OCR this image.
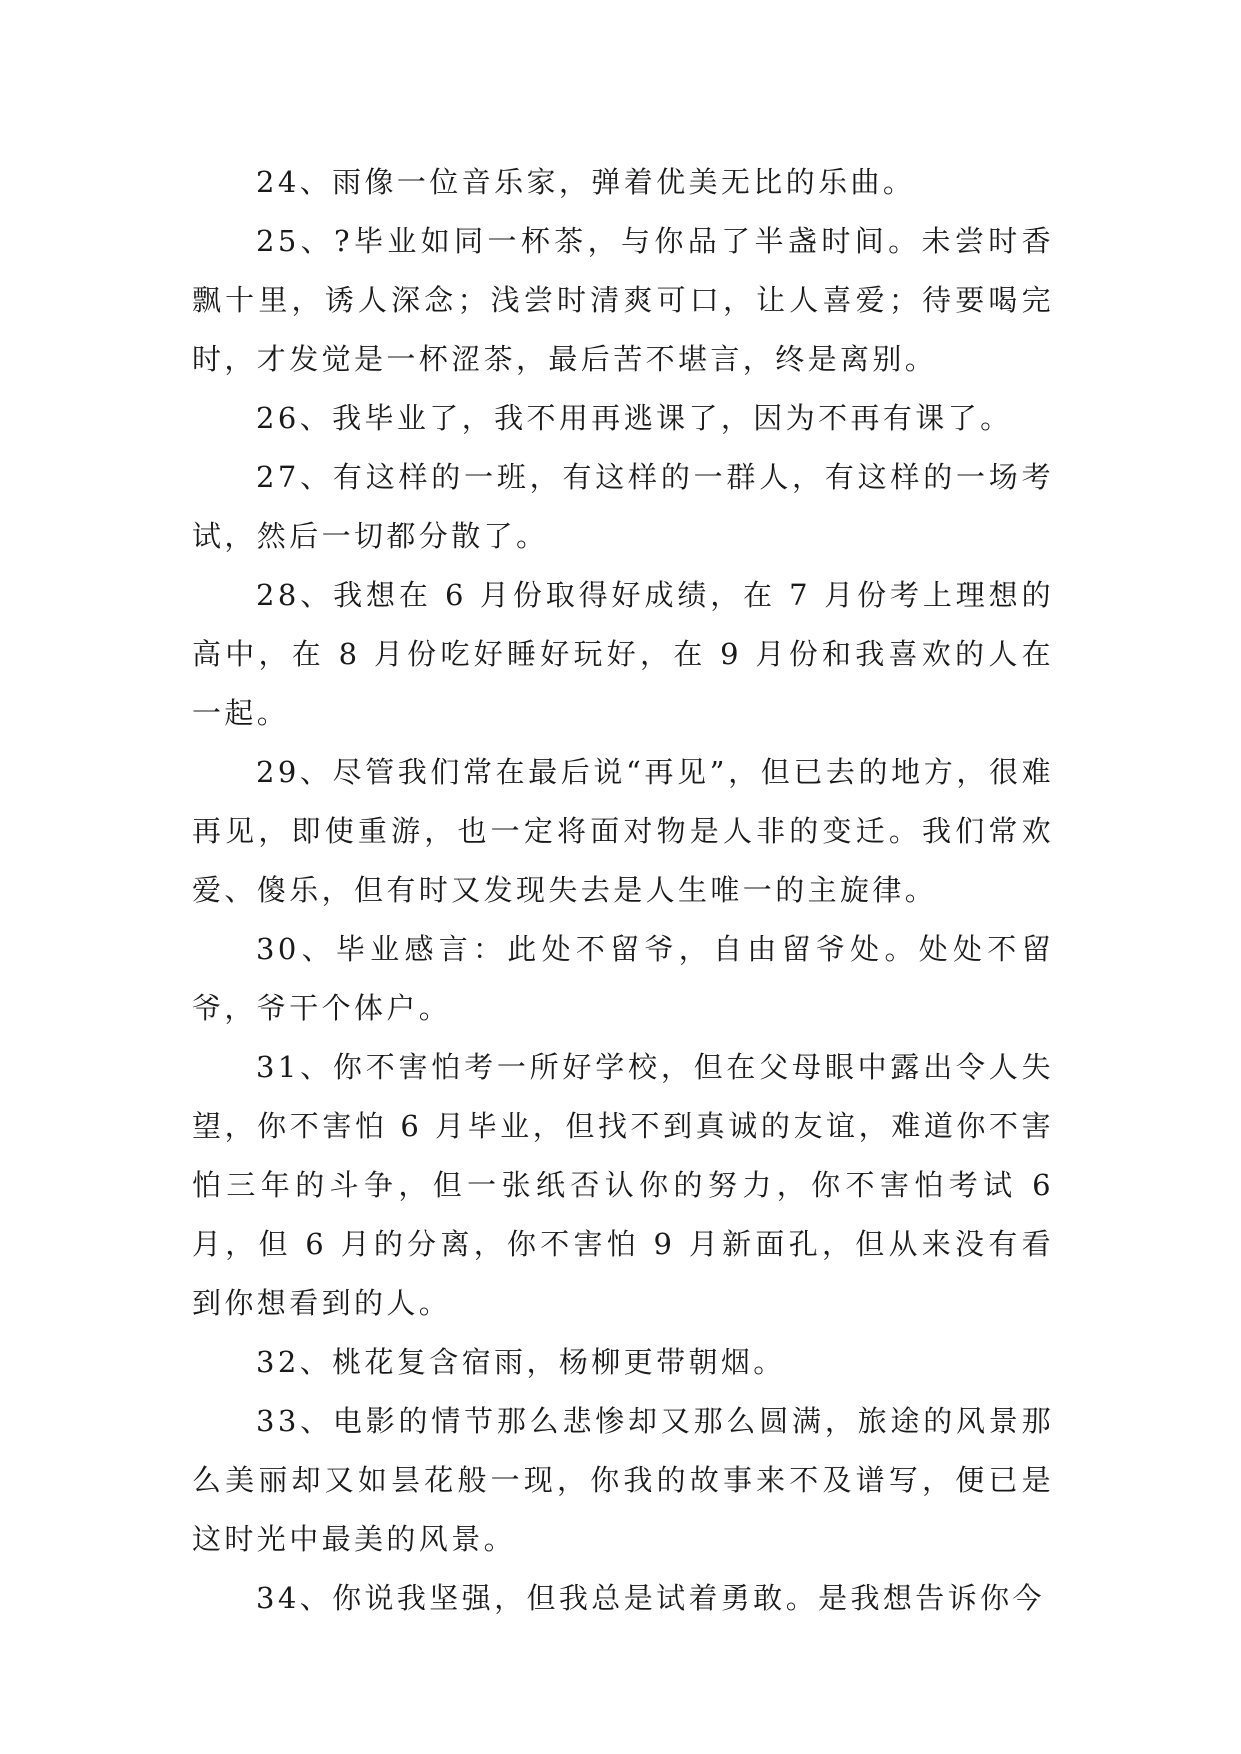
24、雨像一位音乐家，弹着优美无比的乐曲。

25、?毕业如同一杯茶，与你品了半盏时间。未尝时香飘十里，诱人深念；浅尝时清爽可口，让人喜爱；待要喝完时，才发觉是一杯涩茶，最后苦不堪言，终是离别。

26、我毕业了，我不用再逃课了，因为不再有课了。

27、有这样的一班，有这样的一群人，有这样的一场考试，然后一切都分散了。

28、我想在 6 月份取得好成绩，在 7 月份考上理想的高中，在 8 月份吃好睡好玩好，在 9 月份和我喜欢的人在一起。

29、尽管我们常在最后说“再见”，但已去的地方，很难再见，即使重游，也一定将面对物是人非的变迁。我们常欢爱、傻乐，但有时又发现失去是人生唯一的主旋律。

30、毕业感言：此处不留爷，自由留爷处。处处不留爷，爷干个体户。

31、你不害怕考一所好学校，但在父母眼中露出令人失望，你不害怕 6 月毕业，但找不到真诚的友谊，难道你不害怕三年的斗争，但一张纸否认你的努力，你不害怕考试 6 月，但 6 月的分离，你不害怕 9 月新面孔，但从来没有看到你想看到的人。

32、桃花复含宿雨，杨柳更带朝烟。

33、电影的情节那么悲惨却又那么圆满，旅途的风景那么美丽却又如昙花般一现，你我的故事来不及谱写，便已是这时光中最美的风景。

34、你说我坚强，但我总是试着勇敢。是我想告诉你今
